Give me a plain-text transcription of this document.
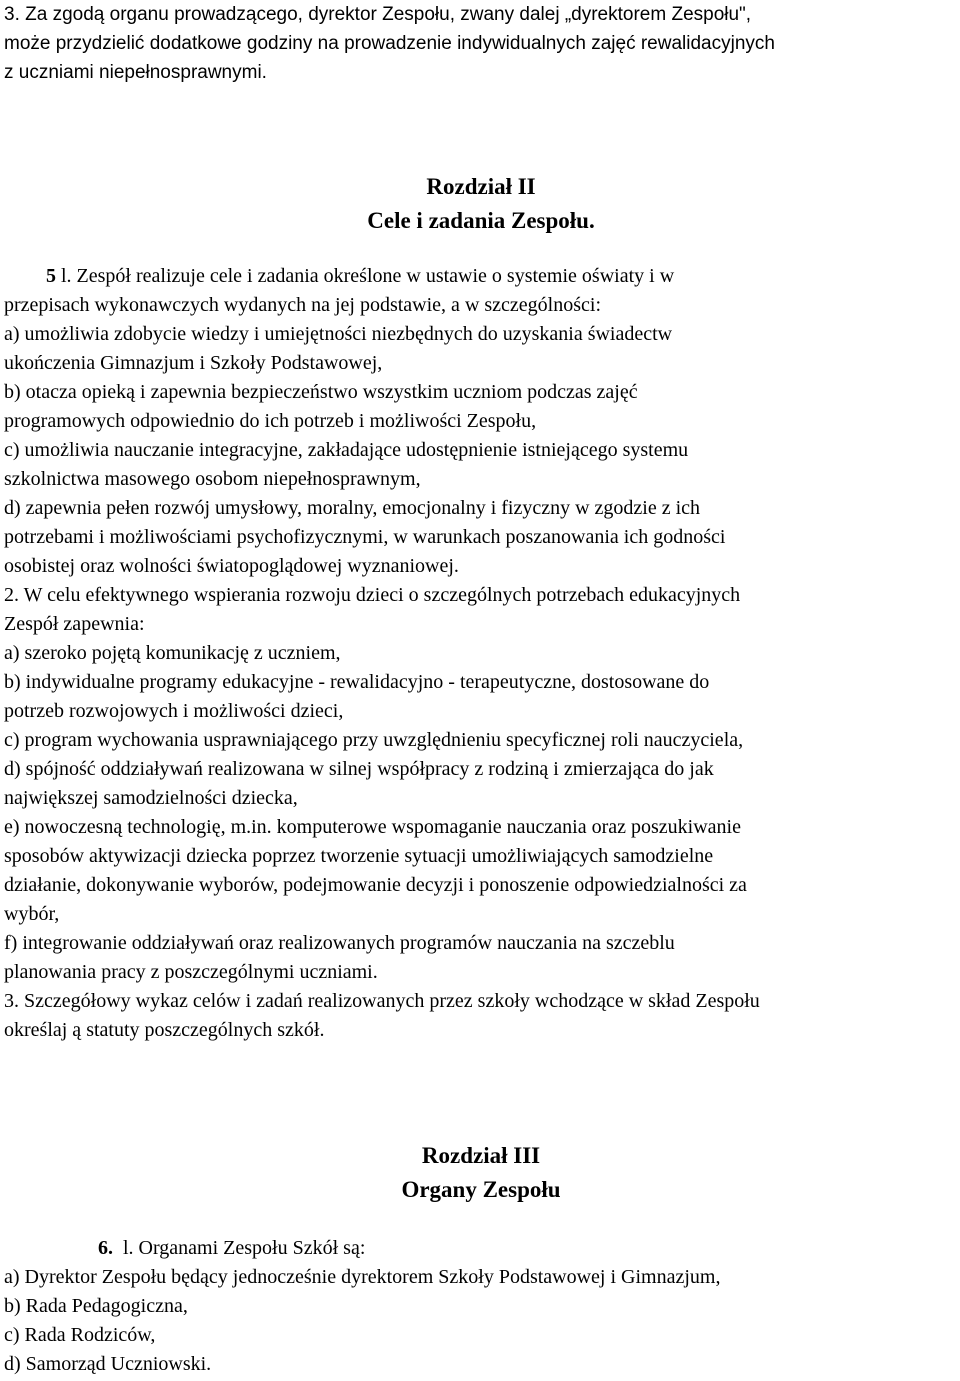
3. Za zgodą organu prowadzącego, dyrektor Zespołu, zwany dalej „dyrektorem Zespołu",
może przydzielić dodatkowe godziny na prowadzenie indywidualnych zajęć rewalidacyjnych
z uczniami niepełnosprawnymi.
Rozdział II
Cele i zadania Zespołu.
5 l. Zespół realizuje cele i zadania określone w ustawie o systemie oświaty i w
przepisach wykonawczych wydanych na jej podstawie, a w szczególności:
a) umożliwia zdobycie wiedzy i umiejętności niezbędnych do uzyskania świadectw
ukończenia Gimnazjum i Szkoły Podstawowej,
b) otacza opieką i zapewnia bezpieczeństwo wszystkim uczniom podczas zajęć
programowych odpowiednio do ich potrzeb i możliwości Zespołu,
c) umożliwia nauczanie integracyjne, zakładające udostępnienie istniejącego systemu
szkolnictwa masowego osobom niepełnosprawnym,
d) zapewnia pełen rozwój umysłowy, moralny, emocjonalny i fizyczny w zgodzie z ich
potrzebami i możliwościami psychofizycznymi, w warunkach poszanowania ich godności
osobistej oraz wolności światopoglądowej wyznaniowej.
2. W celu efektywnego wspierania rozwoju dzieci o szczególnych potrzebach edukacyjnych
Zespół zapewnia:
a) szeroko pojętą komunikację z uczniem,
b) indywidualne programy edukacyjne - rewalidacyjno - terapeutyczne, dostosowane do
potrzeb rozwojowych i możliwości dzieci,
c) program wychowania usprawniającego przy uwzględnieniu specyficznej roli nauczyciela,
d) spójność oddziaływań realizowana w silnej współpracy z rodziną i zmierzająca do jak
największej samodzielności dziecka,
e) nowoczesną technologię, m.in. komputerowe wspomaganie nauczania oraz poszukiwanie
sposobów aktywizacji dziecka poprzez tworzenie sytuacji umożliwiających samodzielne
działanie, dokonywanie wyborów, podejmowanie decyzji i ponoszenie odpowiedzialności za
wybór,
f) integrowanie oddziaływań oraz realizowanych programów nauczania na szczeblu
planowania pracy z poszczególnymi uczniami.
3. Szczegółowy wykaz celów i zadań realizowanych przez szkoły wchodzące w skład Zespołu
określaj ą statuty poszczególnych szkół.
Rozdział III
Organy Zespołu
6.  l. Organami Zespołu Szkół są:
a) Dyrektor Zespołu będący jednocześnie dyrektorem Szkoły Podstawowej i Gimnazjum,
b) Rada Pedagogiczna,
c) Rada Rodziców,
d) Samorząd Uczniowski.
